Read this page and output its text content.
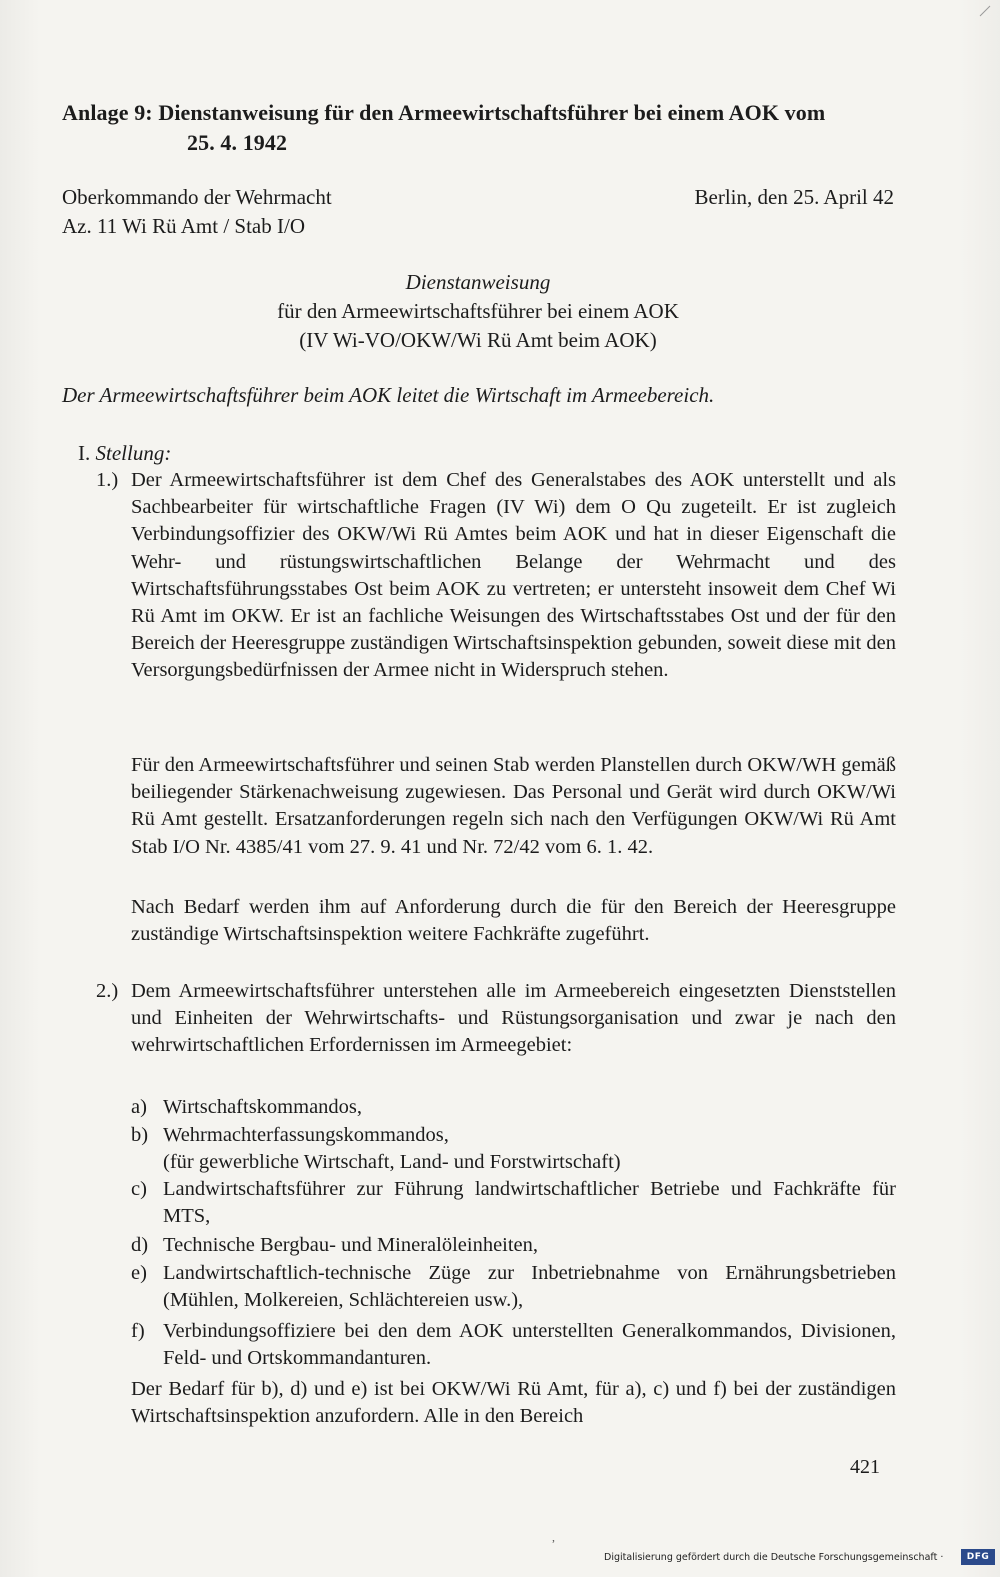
Anlage 9: Dienstanweisung für den Armeewirtschaftsführer bei einem AOK vom
25. 4. 1942
Oberkommando der Wehrmacht	Berlin, den 25. April 42
Az. 11 Wi Rü Amt / Stab I/O
Dienstanweisung
für den Armeewirtschaftsführer bei einem AOK
(IV Wi-VO/OKW/Wi Rü Amt beim AOK)
Der Armeewirtschaftsführer beim AOK leitet die Wirtschaft im Armeebereich.
I. Stellung:
1.) Der Armeewirtschaftsführer ist dem Chef des Generalstabes des AOK unterstellt und als Sachbearbeiter für wirtschaftliche Fragen (IV Wi) dem O Qu zugeteilt. Er ist zugleich Verbindungsoffizier des OKW/Wi Rü Amtes beim AOK und hat in dieser Eigenschaft die Wehr- und rüstungswirtschaftlichen Belange der Wehrmacht und des Wirtschaftsführungsstabes Ost beim AOK zu vertreten; er untersteht insoweit dem Chef Wi Rü Amt im OKW. Er ist an fachliche Weisungen des Wirtschaftsstabes Ost und der für den Bereich der Heeresgruppe zuständigen Wirtschaftsinspektion gebunden, soweit diese mit den Versorgungsbedürfnissen der Armee nicht in Widerspruch stehen.
Für den Armeewirtschaftsführer und seinen Stab werden Planstellen durch OKW/WH gemäß beiliegender Stärkenachweisung zugewiesen. Das Personal und Gerät wird durch OKW/Wi Rü Amt gestellt. Ersatzanforderungen regeln sich nach den Verfügungen OKW/Wi Rü Amt Stab I/O Nr. 4385/41 vom 27. 9. 41 und Nr. 72/42 vom 6. 1. 42.
Nach Bedarf werden ihm auf Anforderung durch die für den Bereich der Heeresgruppe zuständige Wirtschaftsinspektion weitere Fachkräfte zugeführt.
2.) Dem Armeewirtschaftsführer unterstehen alle im Armeebereich eingesetzten Dienststellen und Einheiten der Wehrwirtschafts- und Rüstungsorganisation und zwar je nach den wehrwirtschaftlichen Erfordernissen im Armeegebiet:
a) Wirtschaftskommandos,
b) Wehrmachterfassungskommandos,
(für gewerbliche Wirtschaft, Land- und Forstwirtschaft)
c) Landwirtschaftsführer zur Führung landwirtschaftlicher Betriebe und Fachkräfte für MTS,
d) Technische Bergbau- und Mineralöleinheiten,
e) Landwirtschaftlich-technische Züge zur Inbetriebnahme von Ernährungsbetrieben (Mühlen, Molkereien, Schlächtereien usw.),
f) Verbindungsoffiziere bei den dem AOK unterstellten Generalkommandos, Divisionen, Feld- und Ortskommandanturen.
Der Bedarf für b), d) und e) ist bei OKW/Wi Rü Amt, für a), c) und f) bei der zuständigen Wirtschaftsinspektion anzufordern. Alle in den Bereich
421
,
Digitalisierung gefördert durch die Deutsche Forschungsgemeinschaft ·	DFG
